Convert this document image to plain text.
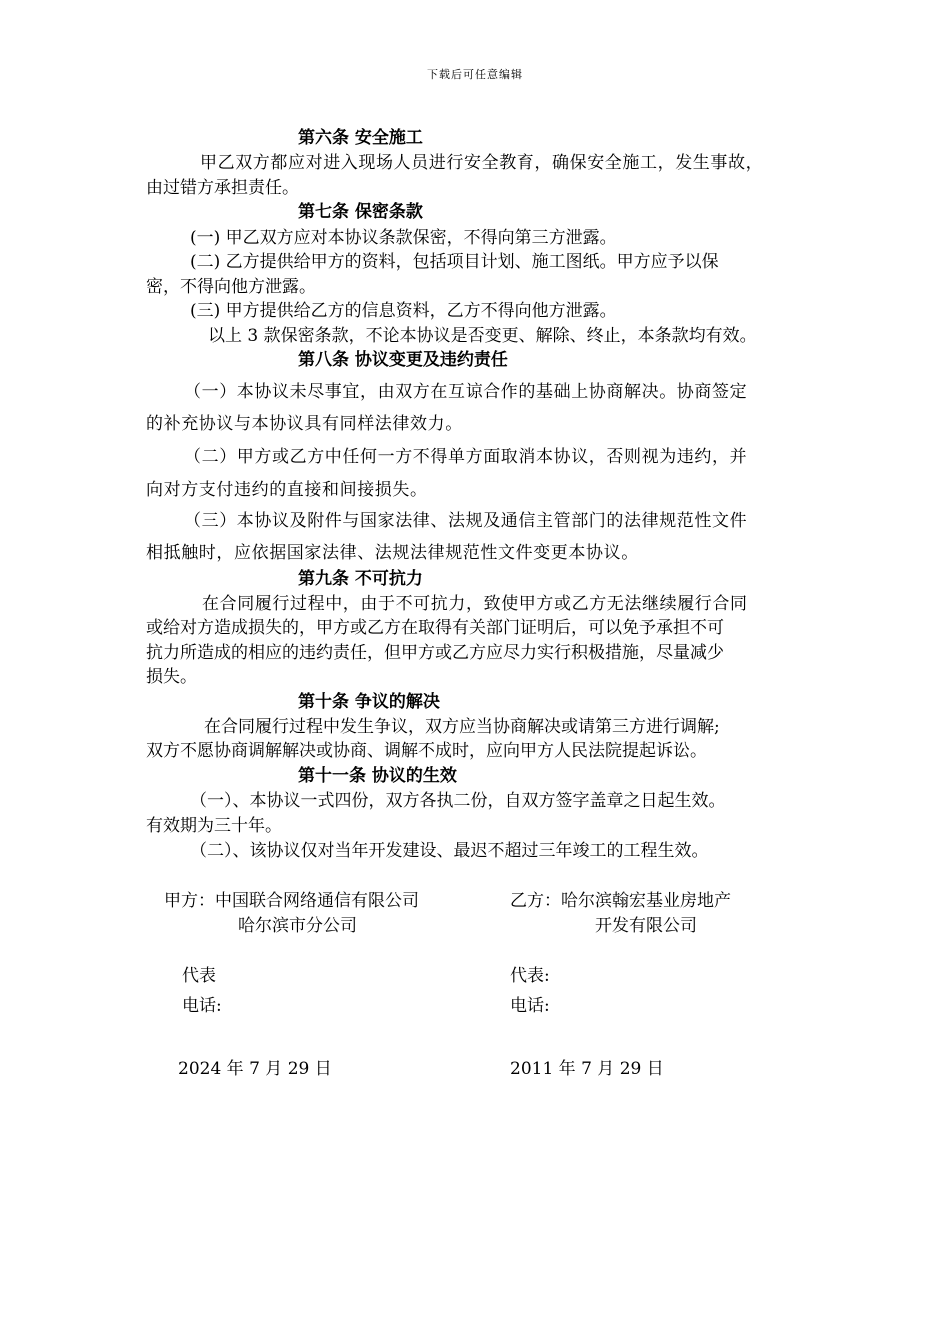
下载后可任意编辑
第六条 安全施工
甲乙双方都应对进入现场人员进行安全教育，确保安全施工，发生事故，
由过错方承担责任。
第七条 保密条款
(一) 甲乙双方应对本协议条款保密，不得向第三方泄露。
(二) 乙方提供给甲方的资料，包括项目计划、施工图纸。甲方应予以保
密，不得向他方泄露。
(三) 甲方提供给乙方的信息资料，乙方不得向他方泄露。
以上 3 款保密条款，不论本协议是否变更、解除、终止，本条款均有效。
第八条 协议变更及违约责任
（一）本协议未尽事宜，由双方在互谅合作的基础上协商解决。协商签定
的补充协议与本协议具有同样法律效力。
（二）甲方或乙方中任何一方不得单方面取消本协议，否则视为违约，并
向对方支付违约的直接和间接损失。
（三）本协议及附件与国家法律、法规及通信主管部门的法律规范性文件
相抵触时，应依据国家法律、法规法律规范性文件变更本协议。
第九条 不可抗力
在合同履行过程中，由于不可抗力，致使甲方或乙方无法继续履行合同
或给对方造成损失的，甲方或乙方在取得有关部门证明后，可以免予承担不可
抗力所造成的相应的违约责任，但甲方或乙方应尽力实行积极措施，尽量减少
损失。
第十条 争议的解决
在合同履行过程中发生争议，双方应当协商解决或请第三方进行调解;
双方不愿协商调解解决或协商、调解不成时，应向甲方人民法院提起诉讼。
第十一条 协议的生效
（一）、本协议一式四份，双方各执二份，自双方签字盖章之日起生效。
有效期为三十年。
（二）、该协议仅对当年开发建设、最迟不超过三年竣工的工程生效。
甲方：中国联合网络通信有限公司
哈尔滨市分公司
代表
电话:
2024 年 7 月 29 日
乙方：哈尔滨翰宏基业房地产
开发有限公司
代表:
电话:
2011 年 7 月 29 日
